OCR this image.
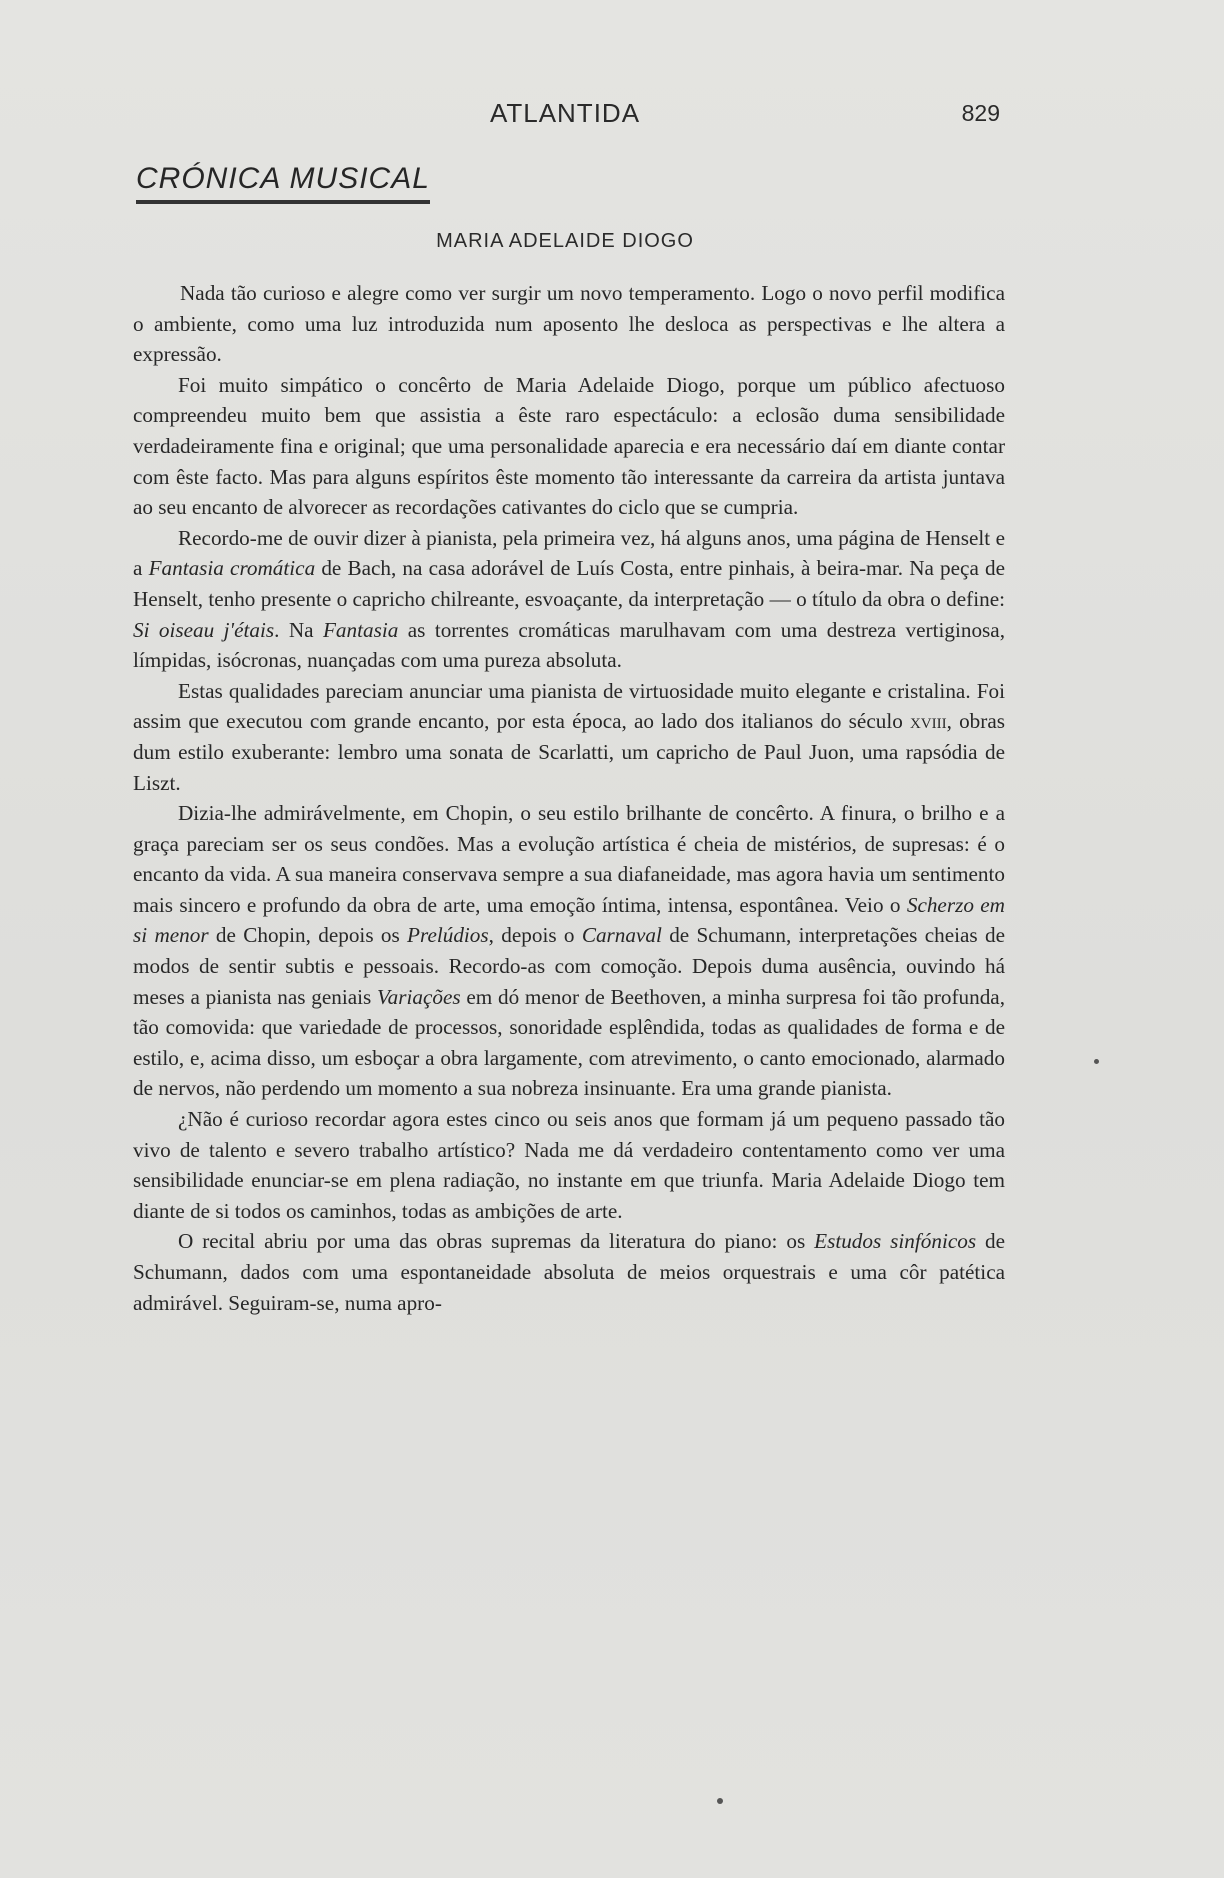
ATLANTIDA	829
CRÓNICA MUSICAL
MARIA ADELAIDE DIOGO

Nada tão curioso e alegre como ver surgir um novo temperamento. Logo o novo perfil modifica o ambiente, como uma luz introduzida num aposento lhe desloca as perspectivas e lhe altera a expressão.

Foi muito simpático o concêrto de Maria Adelaide Diogo, porque um público afectuoso compreendeu muito bem que assistia a êste raro espectáculo: a eclosão duma sensibilidade verdadeiramente fina e original; que uma personalidade aparecia e era necessário daí em diante contar com êste facto. Mas para alguns espíritos êste momento tão interessante da carreira da artista juntava ao seu encanto de alvorecer as recordações cativantes do ciclo que se cumpria.

Recordo-me de ouvir dizer à pianista, pela primeira vez, há alguns anos, uma página de Henselt e a Fantasia cromática de Bach, na casa adorável de Luís Costa, entre pinhais, à beira-mar. Na peça de Henselt, tenho presente o capricho chilreante, esvoaçante, da interpretação — o título da obra o define: Si oiseau j'étais. Na Fantasia as torrentes cromáticas marulhavam com uma destreza vertiginosa, límpidas, isócronas, nuançadas com uma pureza absoluta.

Estas qualidades pareciam anunciar uma pianista de virtuosidade muito elegante e cristalina. Foi assim que executou com grande encanto, por esta época, ao lado dos italianos do século xviii, obras dum estilo exuberante: lembro uma sonata de Scarlatti, um capricho de Paul Juon, uma rapsódia de Liszt.

Dizia-lhe admirávelmente, em Chopin, o seu estilo brilhante de concêrto. A finura, o brilho e a graça pareciam ser os seus condões. Mas a evolução artística é cheia de mistérios, de supresas: é o encanto da vida. A sua maneira conservava sempre a sua diafaneidade, mas agora havia um sentimento mais sincero e profundo da obra de arte, uma emoção íntima, intensa, espontânea. Veio o Scherzo em si menor de Chopin, depois os Prelúdios, depois o Carnaval de Schumann, interpretações cheias de modos de sentir subtis e pessoais. Recordo-as com comoção. Depois duma ausência, ouvindo há meses a pianista nas geniais Variações em dó menor de Beethoven, a minha surpresa foi tão profunda, tão comovida: que variedade de processos, sonoridade esplêndida, todas as qualidades de forma e de estilo, e, acima disso, um esboçar a obra largamente, com atrevimento, o canto emocionado, alarmado de nervos, não perdendo um momento a sua nobreza insinuante. Era uma grande pianista.

¿Não é curioso recordar agora estes cinco ou seis anos que formam já um pequeno passado tão vivo de talento e severo trabalho artístico? Nada me dá verdadeiro contentamento como ver uma sensibilidade enunciar-se em plena radiação, no instante em que triunfa. Maria Adelaide Diogo tem diante de si todos os caminhos, todas as ambições de arte.

O recital abriu por uma das obras supremas da literatura do piano: os Estudos sinfónicos de Schumann, dados com uma espontaneidade absoluta de meios orquestrais e uma côr patética admirável. Seguiram-se, numa apro-
